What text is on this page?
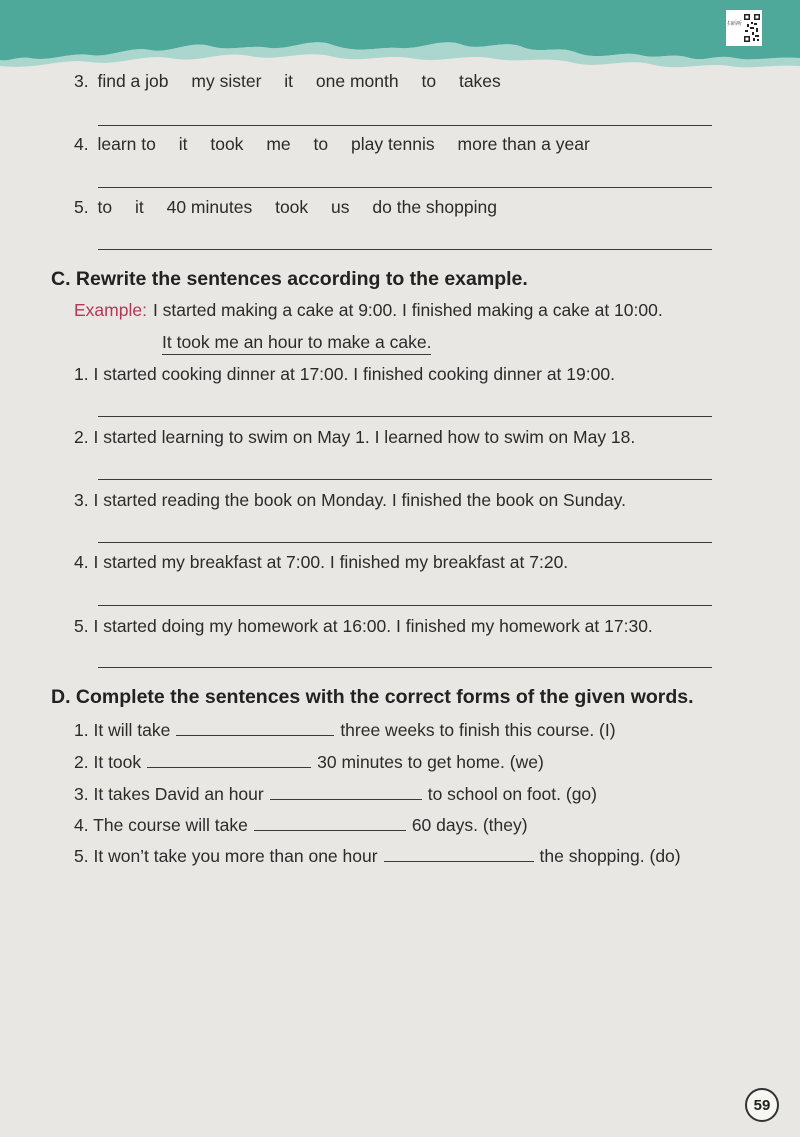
扫码听
3. find a job my sister it one month to takes
4. learn to it took me to play tennis more than a year
5. to it 40 minutes took us do the shopping
C. Rewrite the sentences according to the example.
Example: I started making a cake at 9:00. I finished making a cake at 10:00.
It took me an hour to make a cake.
1. I started cooking dinner at 17:00. I finished cooking dinner at 19:00.
2. I started learning to swim on May 1. I learned how to swim on May 18.
3. I started reading the book on Monday. I finished the book on Sunday.
4. I started my breakfast at 7:00. I finished my breakfast at 7:20.
5. I started doing my homework at 16:00. I finished my homework at 17:30.
D. Complete the sentences with the correct forms of the given words.
1. It will take	three weeks to finish this course. (I)
2. It took	30 minutes to get home. (we)
3. It takes David an hour	to school on foot. (go)
4. The course will take	60 days. (they)
5. It won’t take you more than one hour	the shopping. (do)
59
